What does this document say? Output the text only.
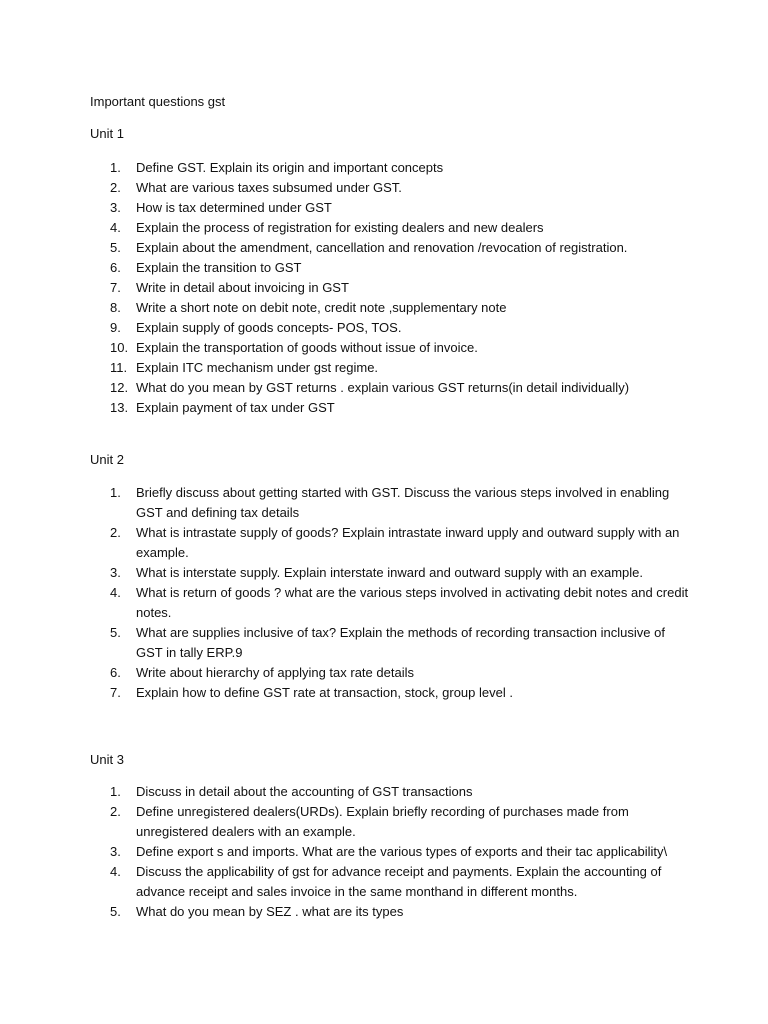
Important questions gst
Unit 1
1.	Define GST. Explain its origin and important concepts
2.	What are various taxes subsumed under GST.
3.	How is tax determined under GST
4.	Explain the process of registration for existing dealers and new dealers
5.	Explain about the amendment, cancellation and renovation /revocation of registration.
6.	Explain the transition to GST
7.	Write in detail about invoicing in GST
8.	Write a short note on debit note, credit note ,supplementary note
9.	Explain supply of goods concepts- POS, TOS.
10. Explain the transportation of goods without issue of invoice.
11. Explain ITC mechanism under gst regime.
12. What do you mean by GST returns . explain various GST returns(in detail individually)
13. Explain payment of tax under GST
Unit 2
1.	Briefly discuss about getting started with GST. Discuss the various steps involved in enabling GST and defining tax details
2.	What is intrastate supply of goods? Explain intrastate inward upply and outward supply with an example.
3.	What is interstate supply. Explain interstate inward and outward supply with an example.
4.	What is return of goods ? what are the various steps involved in activating debit notes and credit notes.
5.	What are supplies inclusive of tax? Explain the methods of recording transaction inclusive of GST in tally ERP.9
6.	Write about hierarchy of applying tax rate details
7.	Explain how to define GST rate at transaction, stock, group level .
Unit 3
1.	Discuss in detail about the accounting of GST transactions
2.	Define unregistered dealers(URDs). Explain briefly recording of purchases made from unregistered dealers with an example.
3.	Define export s and imports. What are the various types of exports and their tac applicability\
4.	Discuss the applicability of gst for advance receipt and payments. Explain the accounting of advance receipt and sales invoice in the same monthand in different months.
5.	What do you mean by SEZ . what are its types
